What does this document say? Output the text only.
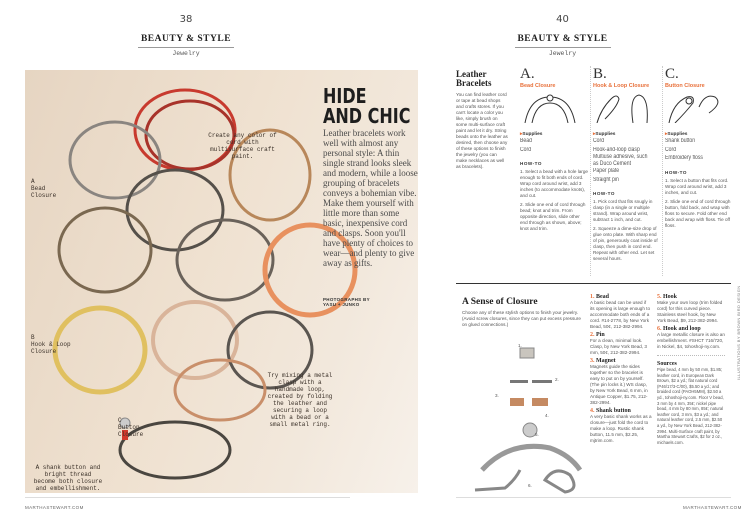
38
BEAUTY & STYLE
Jewelry
Create any color of cord with multisurface craft paint.
A
Bead
Closure
B
Hook & Loop
Closure
C
Button
Closure
A shank button and bright thread become both closure and embellishment.
Try mixing a metal clasp with a handmade loop, created by folding the leather and securing a loop with a bead or a small metal ring.
HIDE AND CHIC
Leather bracelets work well with almost any personal style: A thin single strand looks sleek and modern, while a loose grouping of bracelets conveys a bohemian vibe. Make them yourself with little more than some basic, inexpensive cord and clasps. Soon you'll have plenty of choices to wear—and plenty to give away as gifts.
PHOTOGRAPHS BY YASU + JUNKO
MARTHASTEWART.COM
40
BEAUTY & STYLE
Jewelry
Leather Bracelets
You can find leather cord or tape at bead shops and crafts stores. If you can't locate a color you like, simply brush on some multi-surface craft paint and let it dry. String beads onto the leather as desired, then choose any of these options to finish the jewelry (you can make necklaces as well as bracelets).
A.
Bead Closure
▸ Supplies
Bead
Cord
HOW-TO
1. Select a bead with a hole large enough to fit both ends of cord. Wrap cord around wrist, add 3 inches (to accommodate knots), and cut.
2. Slide one end of cord through bead; knot and trim. From opposite direction, slide other end through as shown, above; knot and trim.
B.
Hook & Loop Closure
▸ Supplies
Cord
Hook-and-loop clasp
Multiuse adhesive, such as Duco Cement
Paper plate
Straight pin
HOW-TO
1. Pick cord that fits snugly in clasp (in a single or multiple strand). Wrap around wrist, subtract 1 inch, and cut.
2. Squeeze a dime-size drop of glue onto plate. With sharp end of pin, generously coat inside of clasp, then push in cord end. Repeat with other end. Let set several hours.
C.
Button Closure
▸ Supplies
Shank button
Cord
Embroidery floss
HOW-TO
1. Select a button that fits cord. Wrap cord around wrist, add 3 inches, and cut.
2. Slide one end of cord through button, fold back, and wrap with floss to secure. Fold other end back and wrap with floss. Tie off floss.
A Sense of Closure
Choose any of these stylish options to finish your jewelry. (Avoid screw closures, since they can put excess pressure on glued connections.)
1.
2.
3.
4.
5.
6.
1. Bead
A basic bead can be used if its opening is large enough to accommodate both ends of a cord. #14-2778, by New York Bead, 50¢, 212-382-2994.
2. Pin
For a clean, minimal look. Clasp, by New York Bead, 3 mm, 50¢, 212-382-2994.
3. Magnet
Magnets guide the sides together so the bracelet is easy to put on by yourself. (The pin locks it.) WS clasp, by New York Bead, 6 mm, in Antique Copper, $1.75, 212-382-2994.
4. Shank button
A very basic shank works as a closure—just fold the cord to make a loop. Rustic shank button, 11.5 mm, $2.25, mjtrim.com.
5. Hook
Make your own loop (trim folded cord) for this curved piece. Stainless steel hook, by New York Bead, $9, 212-382-2994.
6. Hook and loop
A large metallic closure is also an embellishment. #SHCT 716/720, in Nickel, $4, tohoshoji-ny.com.
Sources
Pipe bead, 4 mm by 50 mm, $1.85; leather cord, in European Dark Brown, $2 a yd.; flat natural cord (P46/17/3-C/00), $5.50 a yd.; and braided cord (PAOH5MM), $2.50 a yd., tohoshoji-ny.com. Floor V bead, 3 mm by 4 mm, 35¢; nickel pipe bead, 4 mm by 80 mm, 85¢; natural leather cord, 3 mm, $3 a yd.; and natural leather cord, 2.5 mm, $2.50 a yd., by New York Bead, 212-382-2994. Multi-Surface craft paint, by Martha Stewart Crafts, $2 for 2 oz., michaels.com.
ILLUSTRATIONS BY BROWN BIRD DESIGN
MARTHASTEWART.COM
